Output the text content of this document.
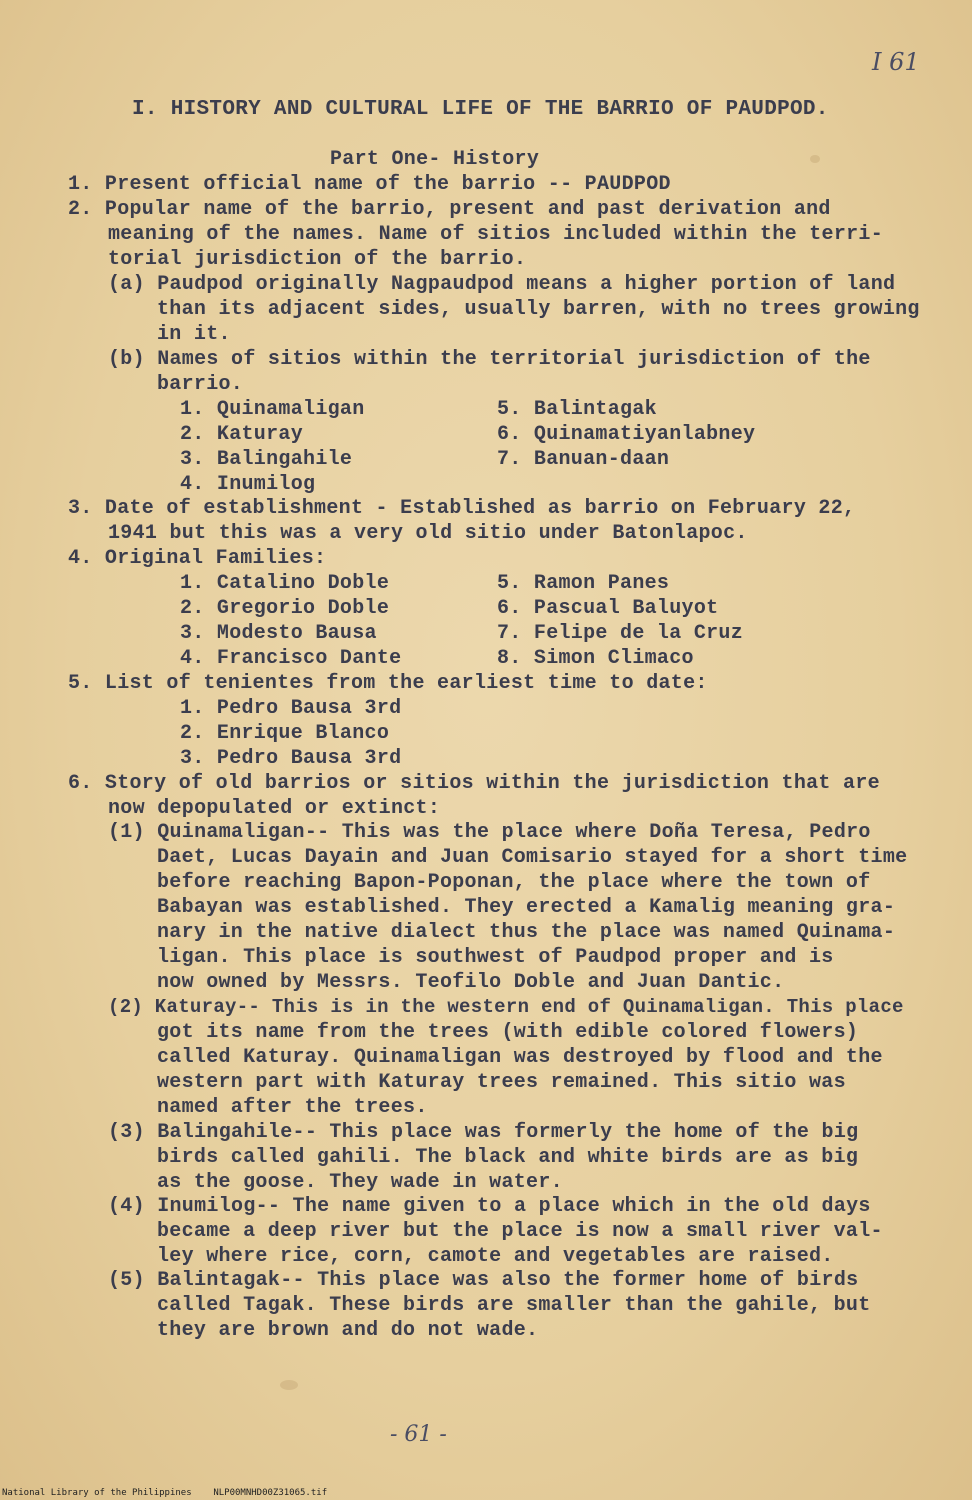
I 61
I. HISTORY AND CULTURAL LIFE OF THE BARRIO OF PAUDPOD.
Part One- History
1. Present official name of the barrio -- PAUDPOD
2. Popular name of the barrio, present and past derivation and
meaning of the names. Name of sitios included within the terri-
torial jurisdiction of the barrio.
(a) Paudpod originally Nagpaudpod means a higher portion of land
than its adjacent sides, usually barren, with no trees growing
in it.
(b) Names of sitios within the territorial jurisdiction of the
barrio.
1. Quinamaligan
2. Katuray
3. Balingahile
4. Inumilog
5. Balintagak
6. Quinamatiyanlabney
7. Banuan-daan
3. Date of establishment - Established as barrio on February 22,
1941 but this was a very old sitio under Batonlapoc.
4. Original Families:
1. Catalino Doble
2. Gregorio Doble
3. Modesto Bausa
4. Francisco Dante
5. Ramon Panes
6. Pascual Baluyot
7. Felipe de la Cruz
8. Simon Climaco
5. List of tenientes from the earliest time to date:
1. Pedro Bausa 3rd
2. Enrique Blanco
3. Pedro Bausa 3rd
6. Story of old barrios or sitios within the jurisdiction that are
now depopulated or extinct:
(1) Quinamaligan-- This was the place where Doña Teresa, Pedro
Daet, Lucas Dayain and Juan Comisario stayed for a short time
before reaching Bapon-Poponan, the place where the town of
Babayan was established. They erected a Kamalig meaning gra-
nary in the native dialect thus the place was named Quinama-
ligan. This place is southwest of Paudpod proper and is
now owned by Messrs. Teofilo Doble and Juan Dantic.
(2) Katuray-- This is in the western end of Quinamaligan. This place
got its name from the trees (with edible colored flowers)
called Katuray. Quinamaligan was destroyed by flood and the
western part with Katuray trees remained. This sitio was
named after the trees.
(3) Balingahile-- This place was formerly the home of the big
birds called gahili. The black and white birds are as big
as the goose. They wade in water.
(4) Inumilog-- The name given to a place which in the old days
became a deep river but the place is now a small river val-
ley where rice, corn, camote and vegetables are raised.
(5) Balintagak-- This place was also the former home of birds
called Tagak. These birds are smaller than the gahile, but
they are brown and do not wade.
- 61 -
National Library of the Philippines    NLP00MNHD00Z31065.tif
